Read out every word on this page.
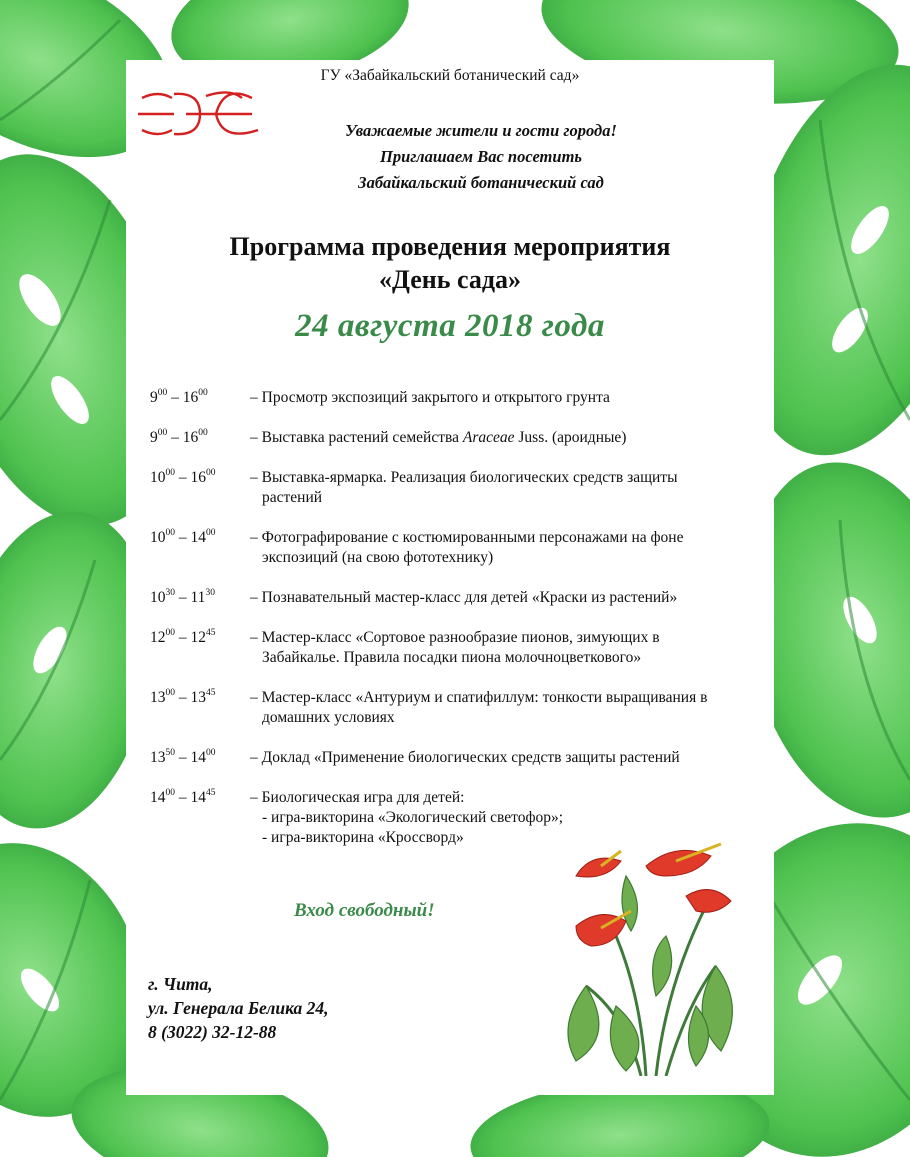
ГУ «Забайкальский ботанический сад»
Уважаемые жители и гости города!
Приглашаем Вас посетить
Забайкальский ботанический сад
Программа проведения мероприятия
«День сада»
24 августа 2018 года
$9^{00} - 16^{00}$	– Просмотр экспозиций закрытого и открытого грунта
$9^{00} - 16^{00}$	– Выставка растений семейства Araceae Juss. (ароидные)
$10^{00} - 16^{00}$ – Выставка-ярмарка. Реализация биологических средств защиты
растений
$10^{00} - 14^{00}$ – Фотографирование с костюмированными персонажами на фоне
экспозиций (на свою фототехнику)
$10^{30} - 11^{30}$ – Познавательный мастер-класс для детей «Краски из растений»
$12^{00} - 12^{45}$ – Мастер-класс «Сортовое разнообразие пионов, зимующих в
Забайкалье. Правила посадки пиона молочноцветкового»
$13^{00} - 13^{45}$ – Мастер-класс «Антуриум и спатифиллум: тонкости выращивания в
домашних условиях
$13^{50} - 14^{00}$ – Доклад «Применение биологических средств защиты растений
$14^{00} - 14^{45}$ – Биологическая игра для детей:
- игра-викторина «Экологический светофор»;
- игра-викторина «Кроссворд»
Вход свободный!
г. Чита,
ул. Генерала Белика 24,
8 (3022) 32-12-88
